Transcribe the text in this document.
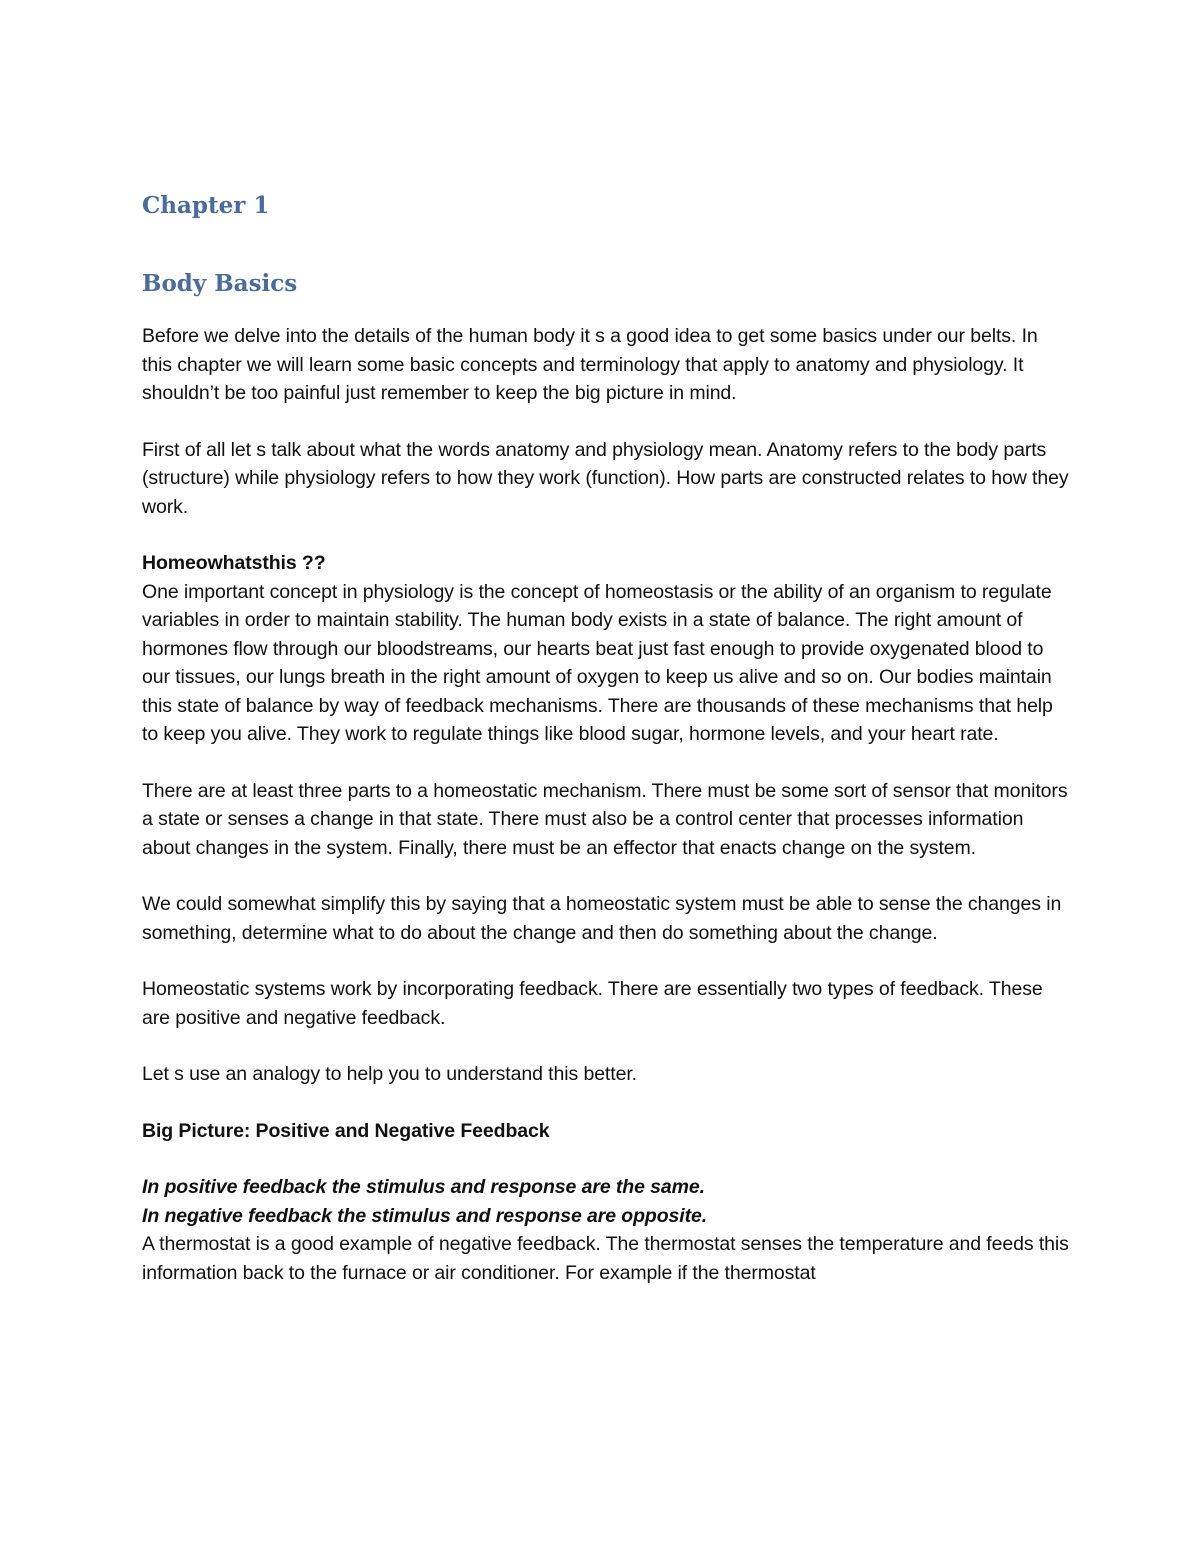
Chapter 1
Body Basics

Before we delve into the details of the human body it s a good idea to get some basics under our belts. In this chapter we will learn some basic concepts and terminology that apply to anatomy and physiology. It shouldn’t be too painful just remember to keep the big picture in mind.

First of all let s talk about what the words anatomy and physiology mean. Anatomy refers to the body parts (structure) while physiology refers to how they work (function). How parts are constructed relates to how they work.

Homeowhatsthis ??

One important concept in physiology is the concept of homeostasis or the ability of an organism to regulate variables in order to maintain stability. The human body exists in a state of balance. The right amount of hormones flow through our bloodstreams, our hearts beat just fast enough to provide oxygenated blood to our tissues, our lungs breath in the right amount of oxygen to keep us alive and so on. Our bodies maintain this state of balance by way of feedback mechanisms. There are thousands of these mechanisms that help to keep you alive. They work to regulate things like blood sugar, hormone levels, and your heart rate.

There are at least three parts to a homeostatic mechanism. There must be some sort of sensor that monitors a state or senses a change in that state. There must also be a control center that processes information about changes in the system. Finally, there must be an effector that enacts change on the system.

We could somewhat simplify this by saying that a homeostatic system must be able to sense the changes in something, determine what to do about the change and then do something about the change.

Homeostatic systems work by incorporating feedback. There are essentially two types of feedback. These are positive and negative feedback.

Let s use an analogy to help you to understand this better.

Big Picture: Positive and Negative Feedback

In positive feedback the stimulus and response are the same.

In negative feedback the stimulus and response are opposite.

A thermostat is a good example of negative feedback. The thermostat senses the temperature and feeds this information back to the furnace or air conditioner. For example if the thermostat
